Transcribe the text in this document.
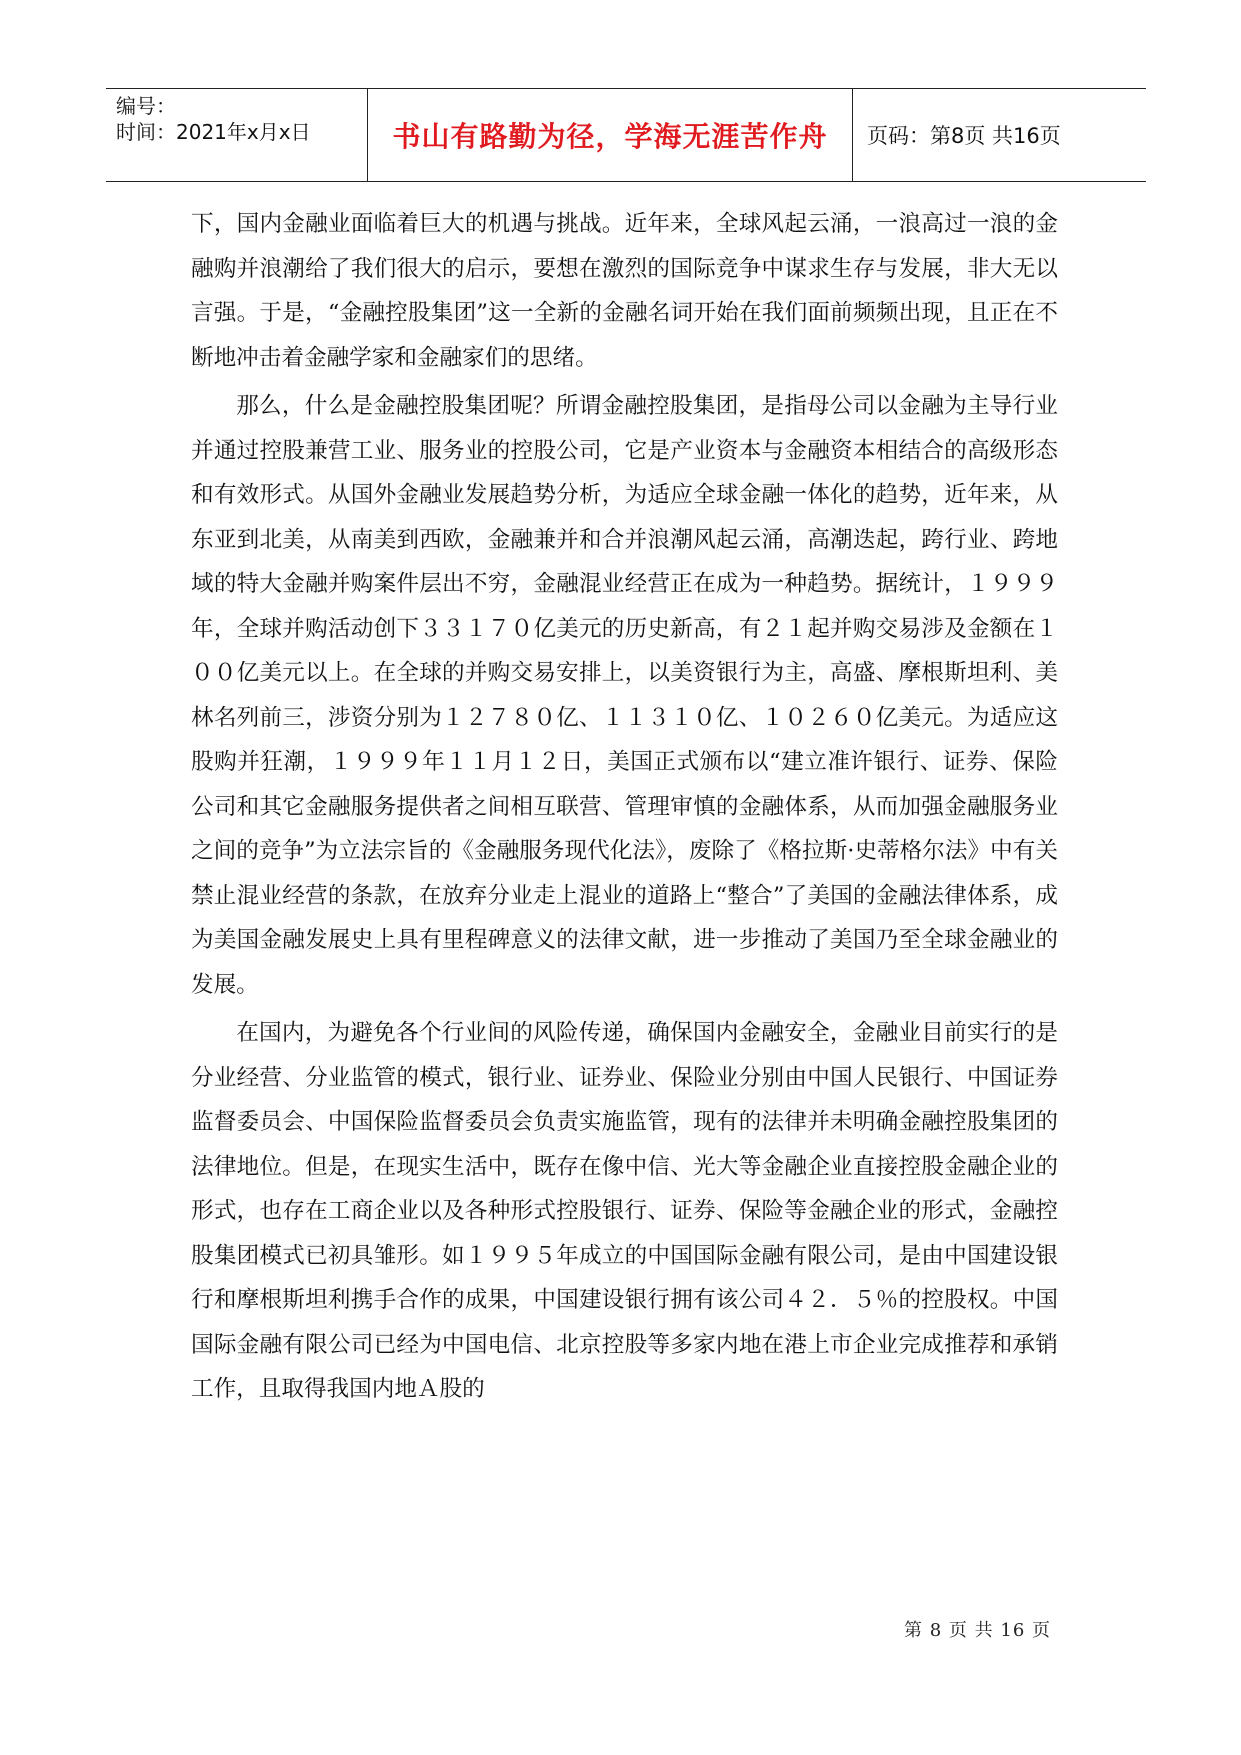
编号：
时间：2021年x月x日	书山有路勤为径，学海无涯苦作舟 页码：第8页 共16页

下，国内金融业面临着巨大的机遇与挑战。近年来，全球风起云涌，一浪高过一浪的金融购并浪潮给了我们很大的启示，要想在激烈的国际竞争中谋求生存与发展，非大无以言强。于是，“金融控股集团”这一全新的金融名词开始在我们面前频频出现，且正在不断地冲击着金融学家和金融家们的思绪。

那么，什么是金融控股集团呢？所谓金融控股集团，是指母公司以金融为主导行业并通过控股兼营工业、服务业的控股公司，它是产业资本与金融资本相结合的高级形态和有效形式。从国外金融业发展趋势分析，为适应全球金融一体化的趋势，近年来，从东亚到北美，从南美到西欧，金融兼并和合并浪潮风起云涌，高潮迭起，跨行业、跨地域的特大金融并购案件层出不穷，金融混业经营正在成为一种趋势。据统计，１９９９年，全球并购活动创下３３１７０亿美元的历史新高，有２１起并购交易涉及金额在１００亿美元以上。在全球的并购交易安排上，以美资银行为主，高盛、摩根斯坦利、美林名列前三，涉资分别为１２７８０亿、１１３１０亿、１０２６０亿美元。为适应这股购并狂潮，１９９９年１１月１２日，美国正式颁布以“建立准许银行、证券、保险公司和其它金融服务提供者之间相互联营、管理审慎的金融体系，从而加强金融服务业之间的竞争”为立法宗旨的《金融服务现代化法》，废除了《格拉斯·史蒂格尔法》中有关禁止混业经营的条款，在放弃分业走上混业的道路上“整合”了美国的金融法律体系，成为美国金融发展史上具有里程碑意义的法律文献，进一步推动了美国乃至全球金融业的发展。

在国内，为避免各个行业间的风险传递，确保国内金融安全，金融业目前实行的是分业经营、分业监管的模式，银行业、证券业、保险业分别由中国人民银行、中国证券监督委员会、中国保险监督委员会负责实施监管，现有的法律并未明确金融控股集团的法律地位。但是，在现实生活中，既存在像中信、光大等金融企业直接控股金融企业的形式，也存在工商企业以及各种形式控股银行、证券、保险等金融企业的形式，金融控股集团模式已初具雏形。如１９９５年成立的中国国际金融有限公司，是由中国建设银行和摩根斯坦利携手合作的成果，中国建设银行拥有该公司４２．５％的控股权。中国国际金融有限公司已经为中国电信、北京控股等多家内地在港上市企业完成推荐和承销工作，且取得我国内地Ａ股的

第 8 页 共 16 页
